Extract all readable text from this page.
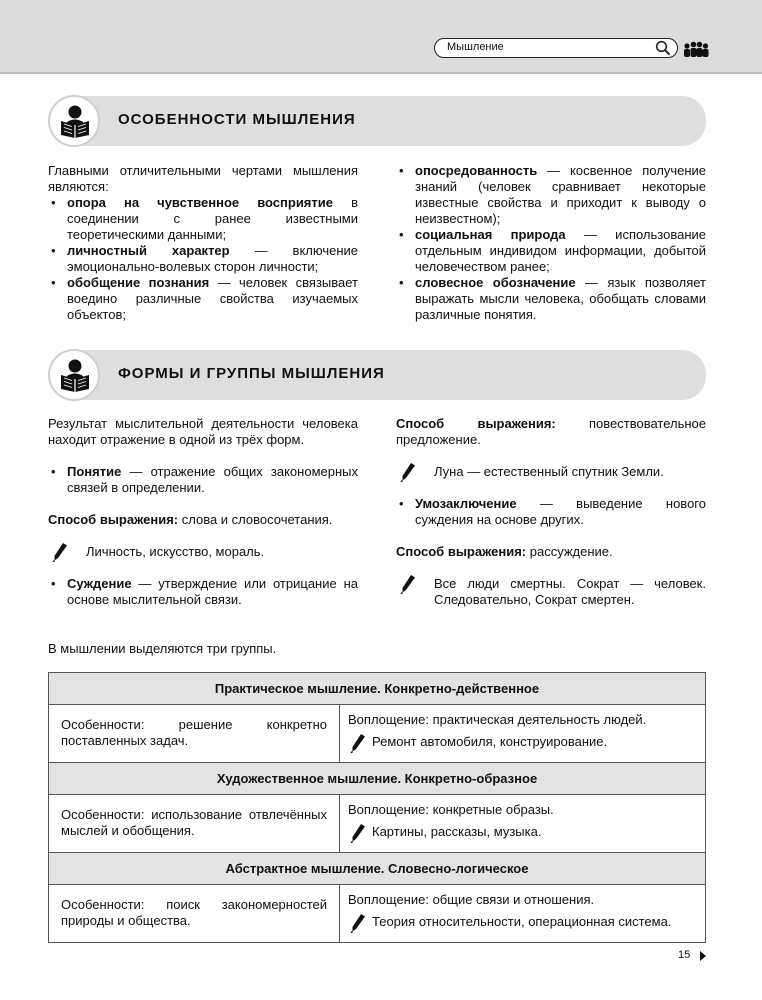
Мышление
ОСОБЕННОСТИ МЫШЛЕНИЯ

Главными отличительными чертами мышления являются:

• опора на чувственное восприятие в соединении с ранее известными теоретическими данными;

• личностный характер — включение эмоционально-волевых сторон личности;

• обобщение познания — человек связывает воедино различные свойства изучаемых объектов;

• опосредованность — косвенное получение знаний (человек сравнивает некоторые известные свойства и приходит к выводу о неизвестном);

• социальная природа — использование отдельным индивидом информации, добытой человечеством ранее;

• словесное обозначение — язык позволяет выражать мысли человека, обобщать словами различные понятия.

ФОРМЫ И ГРУППЫ МЫШЛЕНИЯ

Результат мыслительной деятельности человека находит отражение в одной из трёх форм.

• Понятие — отражение общих закономерных связей в определении.

Способ выражения: слова и словосочетания.

Личность, искусство, мораль.

• Суждение — утверждение или отрицание на основе мыслительной связи.

Способ выражения: повествовательное предложение.

Луна — естественный спутник Земли.

• Умозаключение — выведение нового суждения на основе других.

Способ выражения: рассуждение.

Все люди смертны. Сократ — человек. Следовательно, Сократ смертен.

В мышлении выделяются три группы.
Практическое мышление. Конкретно-действенное	
Особенности: решение конкретно поставленных задач.	Воплощение: практическая деятельность людей.
Ремонт автомобиля, конструирование.

Художественное мышление. Конкретно-образное	
Особенности: использование отвлечённых мыслей и обобщения.	Воплощение: конкретные образы.
Картины, рассказы, музыка.

Абстрактное мышление. Словесно-логическое	
Особенности: поиск закономерностей природы и общества.	Воплощение: общие связи и отношения.
Теория относительности, операционная система.
15
